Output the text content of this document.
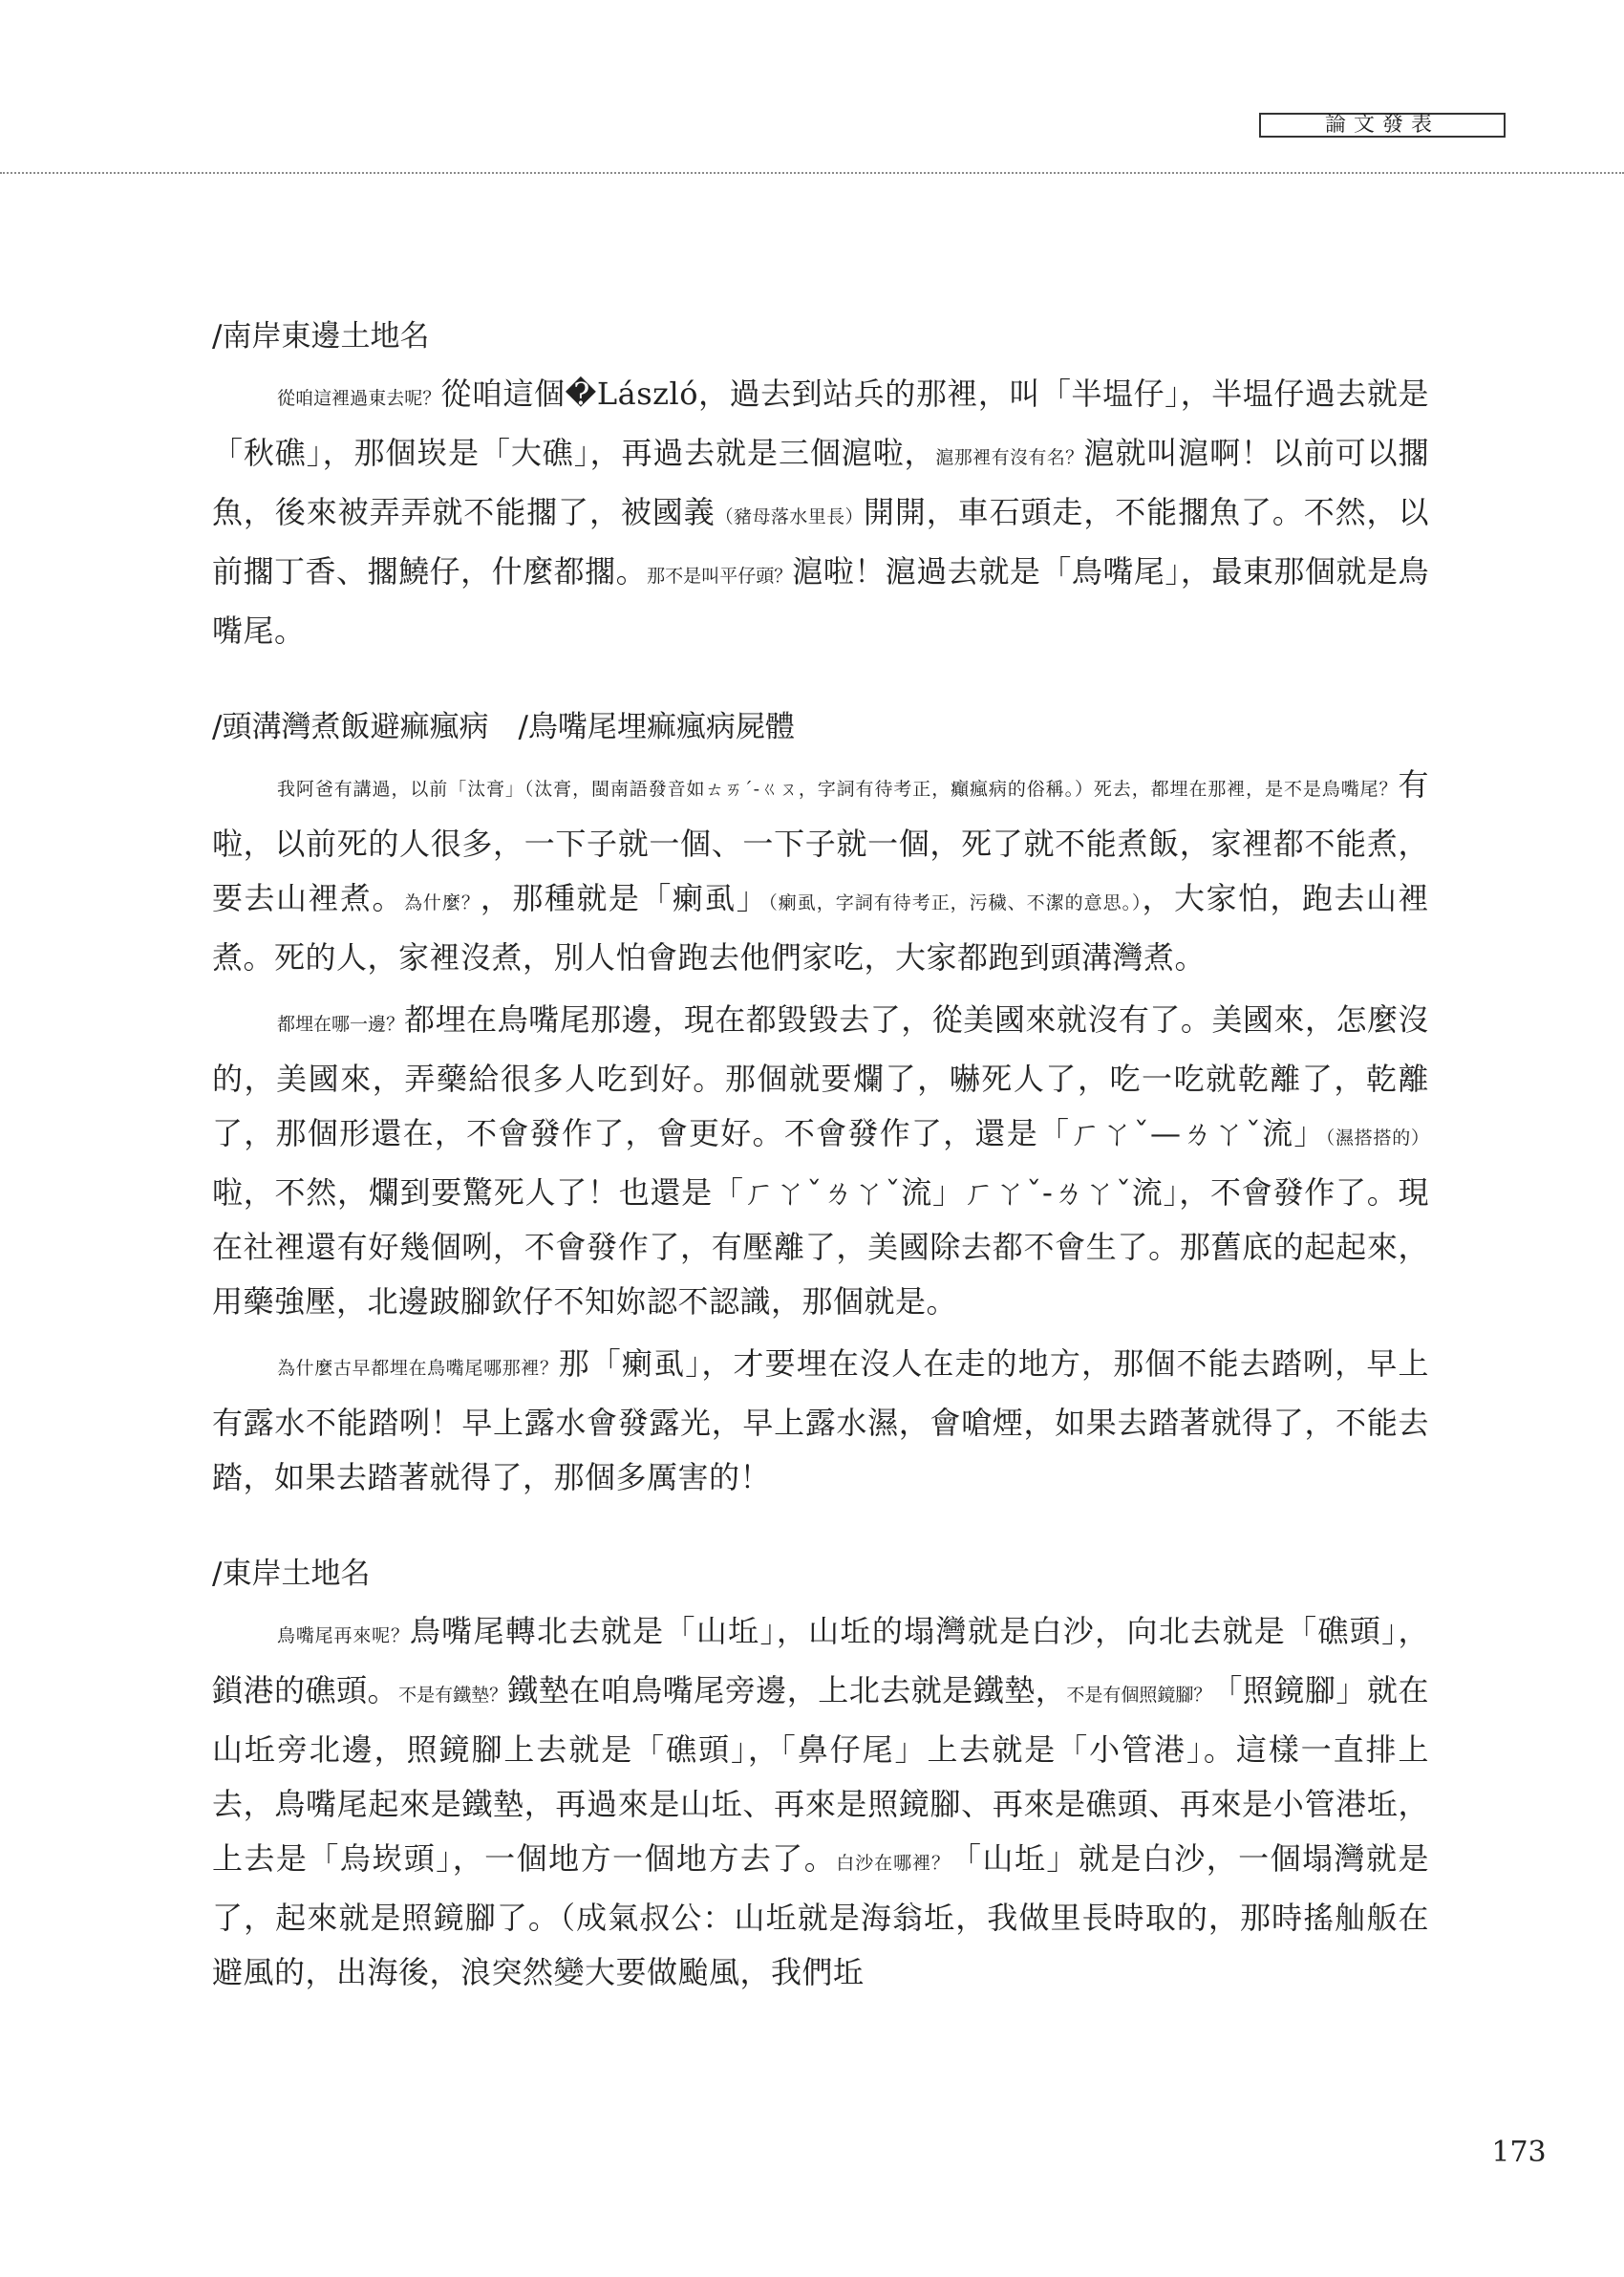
論文發表
/南岸東邊土地名

從咱這裡過東去呢？從咱這個�László，過去到站兵的那裡，叫「半塭仔」，半塭仔過去就是「秋礁」，那個崁是「大礁」，再過去就是三個滬啦，滬那裡有沒有名？滬就叫滬啊！以前可以擱魚，後來被弄弄就不能擱了，被國義（豬母落水里長）開開，車石頭走，不能擱魚了。不然，以前擱丁香、擱鱙仔，什麼都擱。那不是叫平仔頭？滬啦！滬過去就是「鳥嘴尾」，最東那個就是鳥嘴尾。

/頭溝灣煮飯避痲瘋病　/鳥嘴尾埋痲瘋病屍體

我阿爸有講過，以前「汰膏」（汰膏，閩南語發音如ㄊㄞˊ-ㄍㄡ，字詞有待考正，癲瘋病的俗稱。）死去，都埋在那裡，是不是鳥嘴尾？有啦，以前死的人很多，一下子就一個、一下子就一個，死了就不能煮飯，家裡都不能煮，要去山裡煮。為什麼？，那種就是「瘌虱」（瘌虱，字詞有待考正，污穢、不潔的意思。），大家怕，跑去山裡煮。死的人，家裡沒煮，別人怕會跑去他們家吃，大家都跑到頭溝灣煮。

都埋在哪一邊？都埋在鳥嘴尾那邊，現在都毀毀去了，從美國來就沒有了。美國來，怎麼沒的，美國來，弄藥給很多人吃到好。那個就要爛了，嚇死人了，吃一吃就乾離了，乾離了，那個形還在，不會發作了，會更好。不會發作了，還是「ㄏㄚˇ—ㄌㄚˇ流」（濕搭搭的）啦，不然，爛到要驚死人了！也還是「ㄏㄚˇㄌㄚˇ流」ㄏㄚˇ-ㄌㄚˇ流」，不會發作了。現在社裡還有好幾個咧，不會發作了，有壓離了，美國除去都不會生了。那舊底的起起來，用藥強壓，北邊跛腳欽仔不知妳認不認識，那個就是。

為什麼古早都埋在鳥嘴尾哪那裡？那「瘌虱」，才要埋在沒人在走的地方，那個不能去踏咧，早上有露水不能踏咧！早上露水會發露光，早上露水濕，會嗆煙，如果去踏著就得了，不能去踏，如果去踏著就得了，那個多厲害的！

/東岸土地名

鳥嘴尾再來呢？鳥嘴尾轉北去就是「山坵」，山坵的塌灣就是白沙，向北去就是「礁頭」，鎖港的礁頭。不是有鐵墊？鐵墊在咱鳥嘴尾旁邊，上北去就是鐵墊，不是有個照鏡腳？「照鏡腳」就在山坵旁北邊，照鏡腳上去就是「礁頭」，「鼻仔尾」上去就是「小管港」。這樣一直排上去，鳥嘴尾起來是鐵墊，再過來是山坵、再來是照鏡腳、再來是礁頭、再來是小管港坵，上去是「烏崁頭」，一個地方一個地方去了。白沙在哪裡？「山坵」就是白沙，一個塌灣就是了，起來就是照鏡腳了。（成氣叔公：山坵就是海翁坵，我做里長時取的，那時搖舢舨在避風的，出海後，浪突然變大要做颱風，我們坵

173
